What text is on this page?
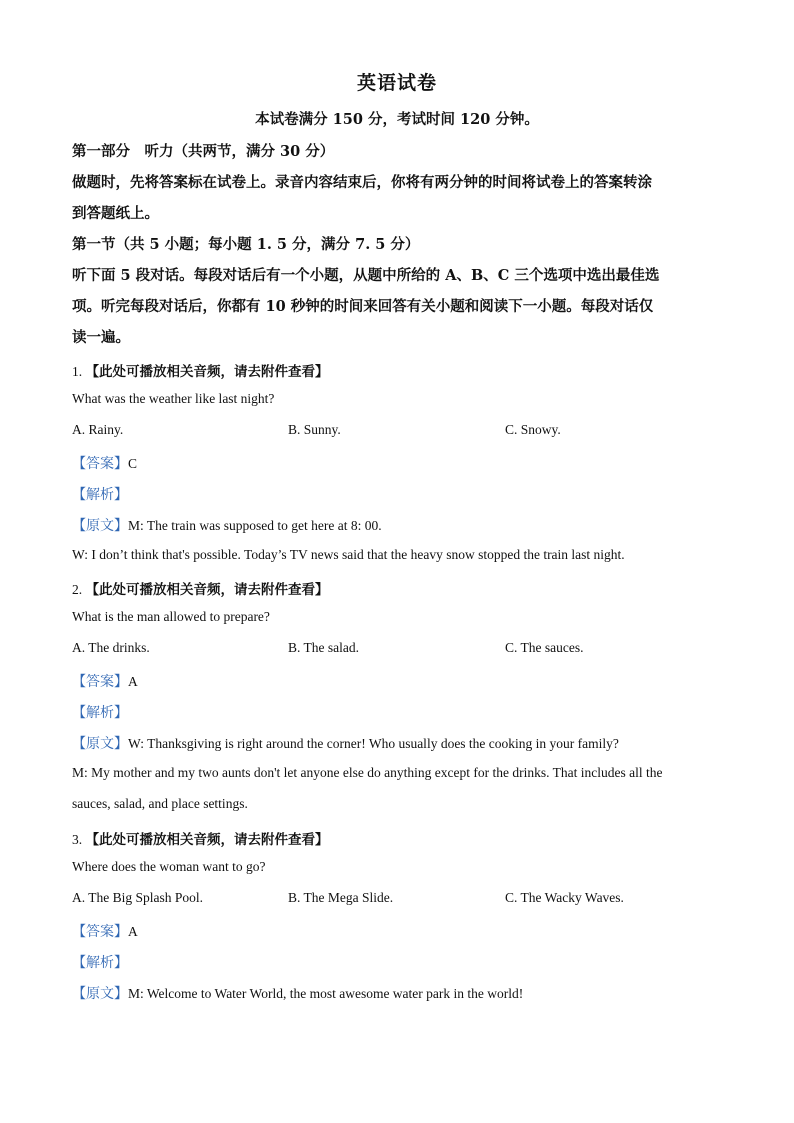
英语试卷
本试卷满分 150 分，考试时间 120 分钟。
第一部分　听力（共两节，满分 30 分）
做题时，先将答案标在试卷上。录音内容结束后，你将有两分钟的时间将试卷上的答案转涂
到答题纸上。
第一节（共 5 小题；每小题 1. 5 分，满分 7. 5 分）
听下面 5 段对话。每段对话后有一个小题，从题中所给的 A、B、C 三个选项中选出最佳选
项。听完每段对话后，你都有 10 秒钟的时间来回答有关小题和阅读下一小题。每段对话仅
读一遍。
1. 【此处可播放相关音频，请去附件查看】
What was the weather like last night?
A. Rainy.	B. Sunny.	C. Snowy.
【答案】C
【解析】
【原文】M: The train was supposed to get here at 8: 00.
W: I don’t think that's possible. Today’s TV news said that the heavy snow stopped the train last night.
2. 【此处可播放相关音频，请去附件查看】
What is the man allowed to prepare?
A. The drinks.	B. The salad.	C. The sauces.
【答案】A
【解析】
【原文】W: Thanksgiving is right around the corner! Who usually does the cooking in your family?
M: My mother and my two aunts don't let anyone else do anything except for the drinks. That includes all the
sauces, salad, and place settings.
3. 【此处可播放相关音频，请去附件查看】
Where does the woman want to go?
A. The Big Splash Pool.	B. The Mega Slide.	C. The Wacky Waves.
【答案】A
【解析】
【原文】M: Welcome to Water World, the most awesome water park in the world!
